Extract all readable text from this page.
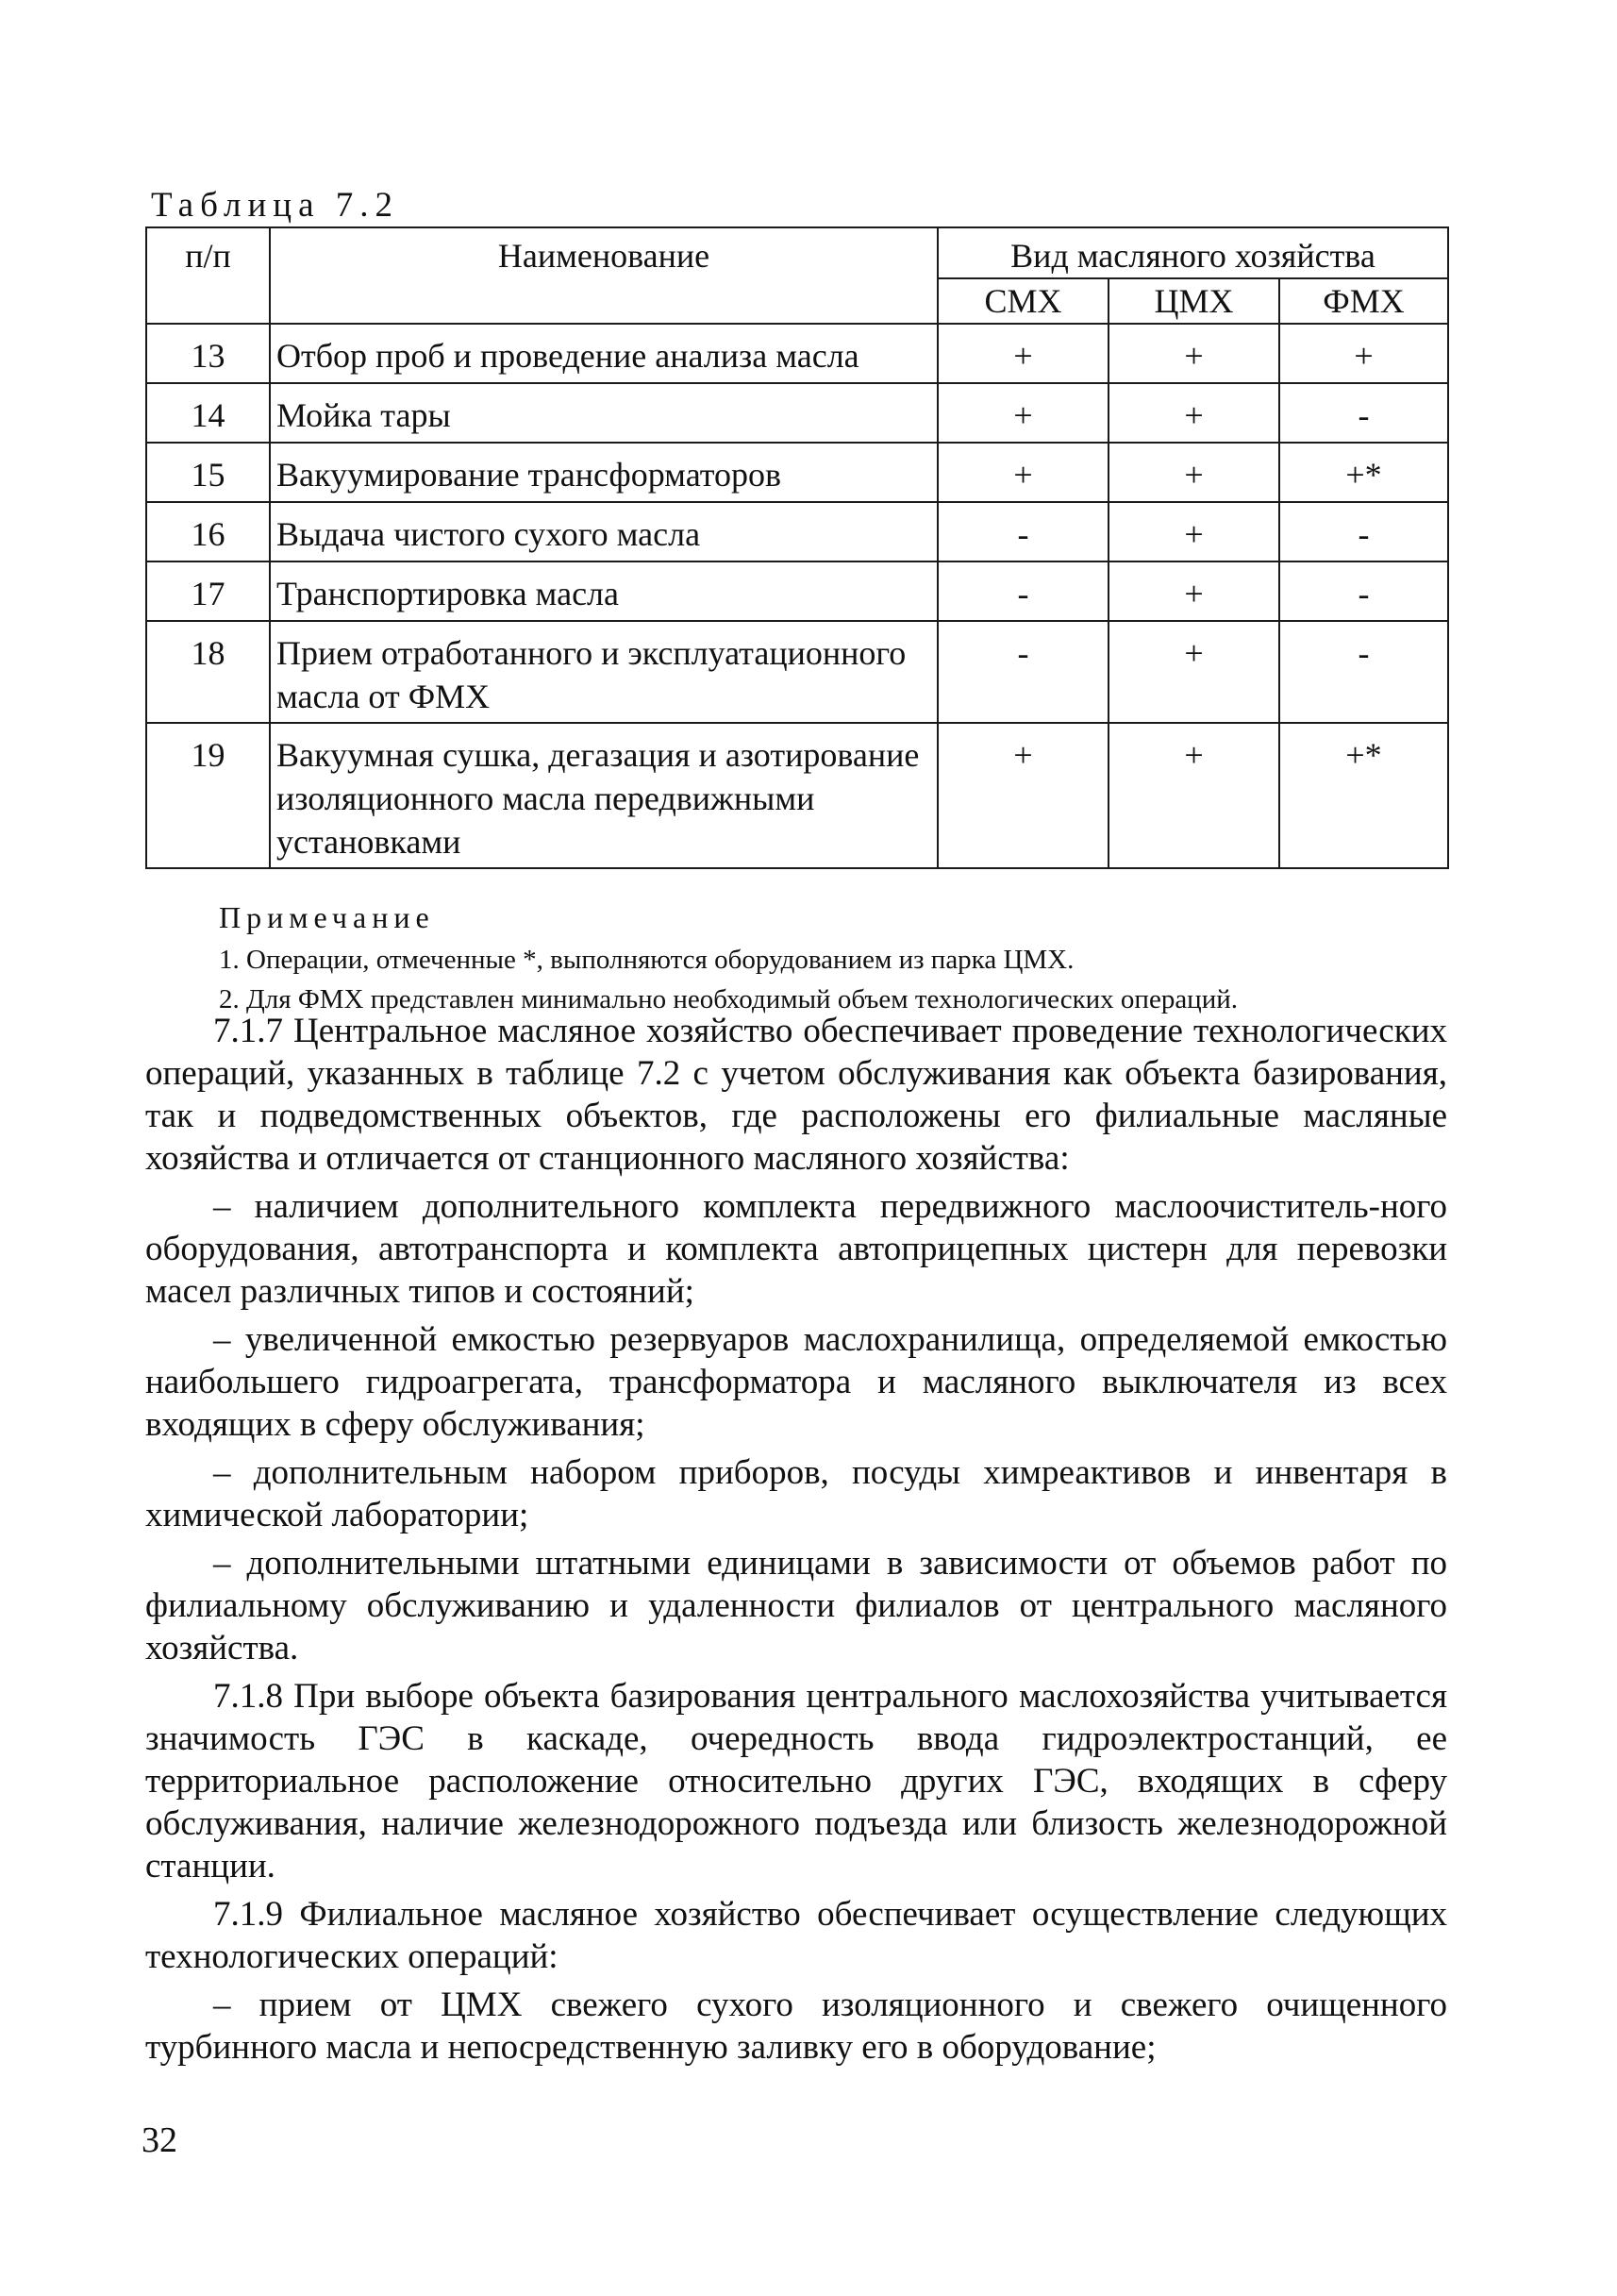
Таблица 7.2
п/п	Наименование	Вид масляного хозяйства		
		СМХ	ЦМХ	ФМХ
13	Отбор проб и проведение анализа масла	+	+	+
14	Мойка тары	+	+	-
15	Вакуумирование трансформаторов	+	+	+*
16	Выдача чистого сухого масла	-	+	-
17	Транспортировка масла	-	+	-
18	Прием отработанного и эксплуатационного масла от ФМХ	-	+	-
19	Вакуумная сушка, дегазация и азотирование изоляционного масла передвижными установками	+	+	+*
Примечание
1. Операции, отмеченные *, выполняются оборудованием из парка ЦМХ.
2. Для ФМХ представлен минимально необходимый объем технологических операций.

7.1.7 Центральное масляное хозяйство обеспечивает проведение технологических операций, указанных в таблице 7.2 с учетом обслуживания как объекта базирования, так и подведомственных объектов, где расположены его филиальные масляные хозяйства и отличается от станционного масляного хозяйства:

– наличием дополнительного комплекта передвижного маслоочиститель-ного оборудования, автотранспорта и комплекта автоприцепных цистерн для перевозки масел различных типов и состояний;

– увеличенной емкостью резервуаров маслохранилища, определяемой емкостью наибольшего гидроагрегата, трансформатора и масляного выключателя из всех входящих в сферу обслуживания;

– дополнительным набором приборов, посуды химреактивов и инвентаря в химической лаборатории;

– дополнительными штатными единицами в зависимости от объемов работ по филиальному обслуживанию и удаленности филиалов от центрального масляного хозяйства.

7.1.8 При выборе объекта базирования центрального маслохозяйства учитывается значимость ГЭС в каскаде, очередность ввода гидроэлектростанций, ее территориальное расположение относительно других ГЭС, входящих в сферу обслуживания, наличие железнодорожного подъезда или близость железнодорожной станции.

7.1.9 Филиальное масляное хозяйство обеспечивает осуществление следующих технологических операций:

– прием от ЦМХ свежего сухого изоляционного и свежего очищенного турбинного масла и непосредственную заливку его в оборудование;

32
